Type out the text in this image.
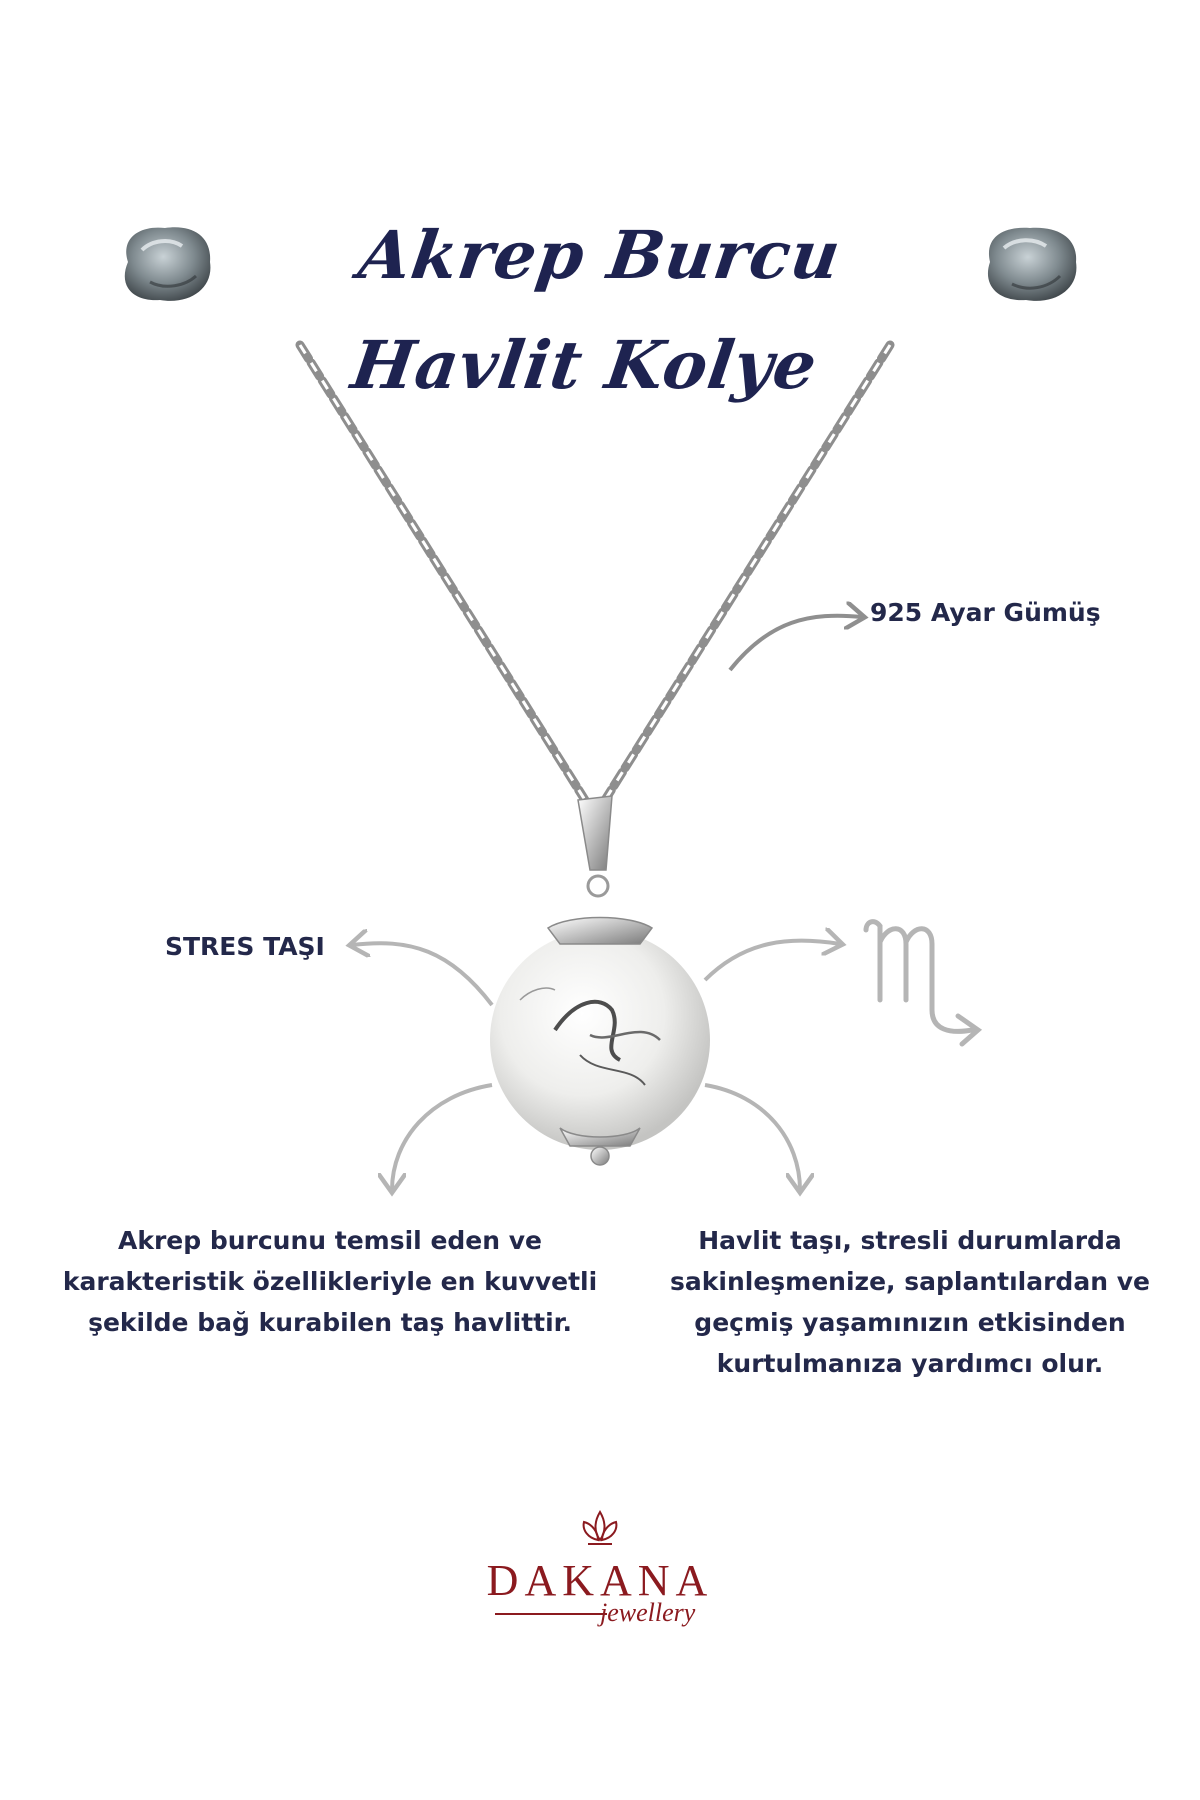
Akrep Burcu Havlit Kolye
925 Ayar Gümüş
STRES TAŞI

Akrep burcunu temsil eden ve karakteristik özellikleriyle en kuvvetli şekilde bağ kurabilen taş havlittir.

Havlit taşı, stresli durumlarda sakinleşmenize, saplantılardan ve geçmiş yaşamınızın etkisinden kurtulmanıza yardımcı olur.

DAKANA
jewellery
